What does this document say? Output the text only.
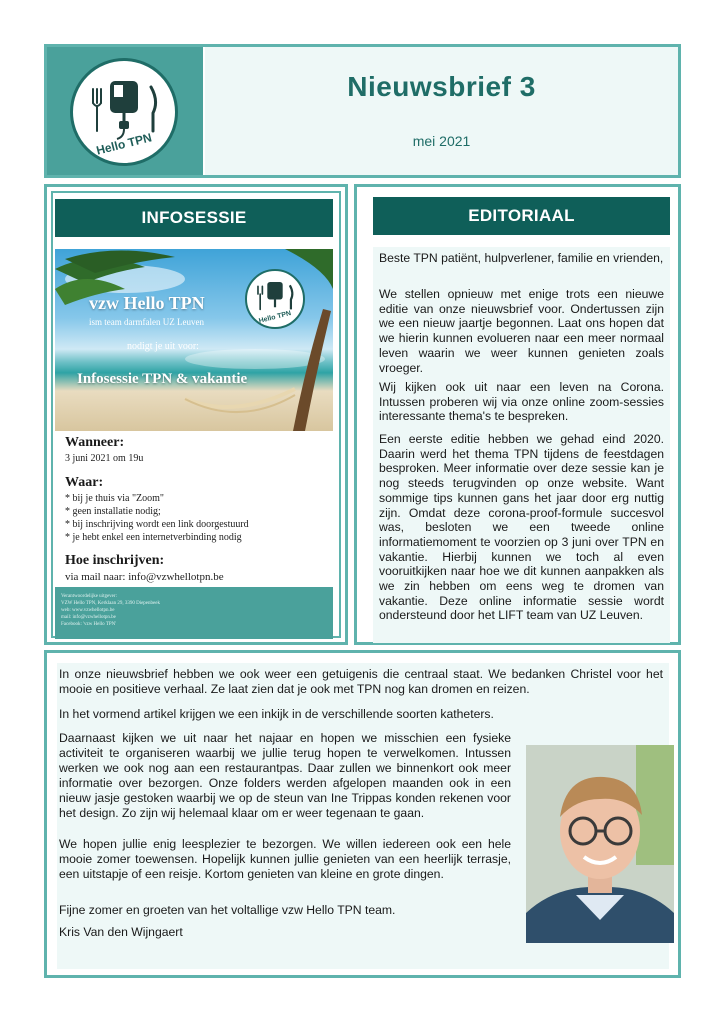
Hello TPN
Nieuwsbrief 3
mei 2021
INFOSESSIE
vzw Hello TPN
ism team darmfalen UZ Leuven
nodigt je uit voor:
Infosessie TPN & vakantie
Hello TPN
Wanneer:
3 juni 2021 om 19u
Waar:
* bij je thuis via "Zoom"
* geen installatie nodig;
* bij inschrijving wordt een link doorgestuurd
* je hebt enkel een internetverbinding nodig
Hoe inschrijven:
via mail naar: info@vzwhellotpn.be
Verantwoordelijke uitgever:
VZW Hello TPN, Kerklaan 29, 3390 Diepenbeek
web: www.vzwhellotpn.be
mail: info@vzwhellotpn.be
Facebook: 'vzw Hello TPN'
EDITORIAAL
Beste TPN patiënt, hulpverlener, familie en vrienden,
We stellen opnieuw met enige trots een nieuwe editie van onze nieuwsbrief voor. Ondertussen zijn we een nieuw jaartje begonnen. Laat ons hopen dat we hierin kunnen evolueren naar een meer normaal leven waarin we weer kunnen genieten zoals vroeger.
Wij kijken ook uit naar een leven na Corona. Intussen proberen wij via onze online zoom-sessies interessante thema's te bespreken.
Een eerste editie hebben we gehad eind 2020. Daarin werd het thema TPN tijdens de feestdagen besproken. Meer informatie over deze sessie kan je nog steeds terugvinden op onze website. Want sommige tips kunnen gans het jaar door erg nuttig zijn. Omdat deze corona-proof-formule succesvol was, besloten we een tweede online informatiemoment te voorzien op 3 juni over TPN en vakantie. Hierbij kunnen we toch al even vooruitkijken naar hoe we dit kunnen aanpakken als we zin hebben om eens weg te dromen van vakantie. Deze online informatie sessie wordt ondersteund door het LIFT team van UZ Leuven.
In onze nieuwsbrief hebben we ook weer een getuigenis die centraal staat. We bedanken Christel voor het mooie en positieve verhaal. Ze laat zien dat je ook met TPN nog kan dromen en reizen.
In het vormend artikel krijgen we een inkijk in de verschillende soorten katheters.
Daarnaast kijken we uit naar het najaar en hopen we misschien een fysieke activiteit te organiseren waarbij we jullie terug hopen te verwelkomen. Intussen werken we ook nog aan een restaurantpas. Daar zullen we binnenkort ook meer informatie over bezorgen. Onze folders werden afgelopen maanden ook in een nieuw jasje gestoken waarbij we op de steun van Ine Trippas konden rekenen voor het design. Zo zijn wij helemaal klaar om er weer tegenaan te gaan.
We hopen jullie enig leesplezier te bezorgen. We willen iedereen ook een hele mooie zomer toewensen. Hopelijk kunnen jullie genieten van een heerlijk terrasje, een uitstapje of een reisje. Kortom genieten van kleine en grote dingen.
Fijne zomer en groeten van het voltallige vzw Hello TPN team.
Kris Van den Wijngaert
